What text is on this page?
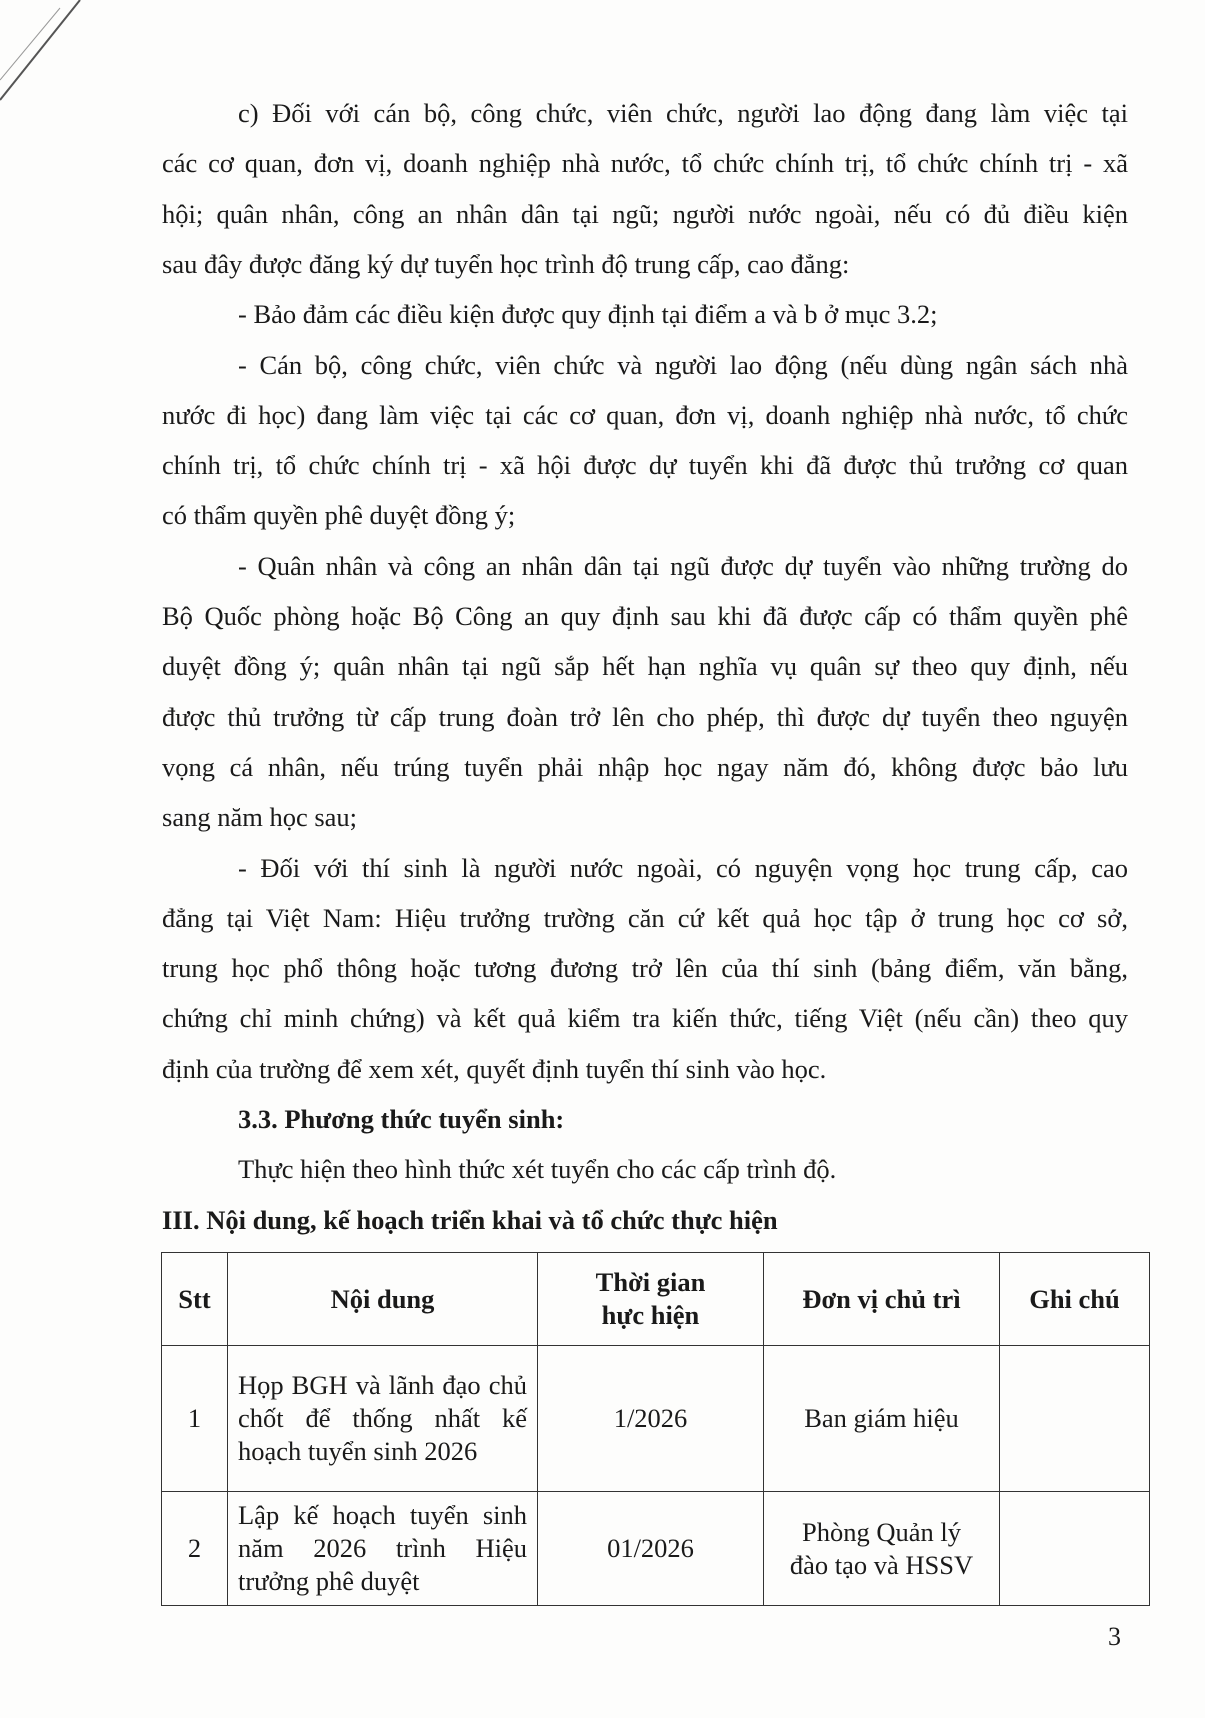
c) Đối với cán bộ, công chức, viên chức, người lao động đang làm việc tại
các cơ quan, đơn vị, doanh nghiệp nhà nước, tổ chức chính trị, tổ chức chính trị - xã
hội; quân nhân, công an nhân dân tại ngũ; người nước ngoài, nếu có đủ điều kiện
sau đây được đăng ký dự tuyển học trình độ trung cấp, cao đẳng:
- Bảo đảm các điều kiện được quy định tại điểm a và b ở mục 3.2;
- Cán bộ, công chức, viên chức và người lao động (nếu dùng ngân sách nhà
nước đi học) đang làm việc tại các cơ quan, đơn vị, doanh nghiệp nhà nước, tổ chức
chính trị, tổ chức chính trị - xã hội được dự tuyển khi đã được thủ trưởng cơ quan
có thẩm quyền phê duyệt đồng ý;
- Quân nhân và công an nhân dân tại ngũ được dự tuyển vào những trường do
Bộ Quốc phòng hoặc Bộ Công an quy định sau khi đã được cấp có thẩm quyền phê
duyệt đồng ý; quân nhân tại ngũ sắp hết hạn nghĩa vụ quân sự theo quy định, nếu
được thủ trưởng từ cấp trung đoàn trở lên cho phép, thì được dự tuyển theo nguyện
vọng cá nhân, nếu trúng tuyển phải nhập học ngay năm đó, không được bảo lưu
sang năm học sau;
- Đối với thí sinh là người nước ngoài, có nguyện vọng học trung cấp, cao
đẳng tại Việt Nam: Hiệu trưởng trường căn cứ kết quả học tập ở trung học cơ sở,
trung học phổ thông hoặc tương đương trở lên của thí sinh (bảng điểm, văn bằng,
chứng chỉ minh chứng) và kết quả kiểm tra kiến thức, tiếng Việt (nếu cần) theo quy
định của trường để xem xét, quyết định tuyển thí sinh vào học.
3.3. Phương thức tuyển sinh:
Thực hiện theo hình thức xét tuyển cho các cấp trình độ.
III. Nội dung, kế hoạch triển khai và tổ chức thực hiện
Stt	Nội dung	Thời gian hực hiện	Đơn vị chủ trì	Ghi chú
1	Họp BGH và lãnh đạo chủ chốt để thống nhất kế hoạch tuyển sinh 2026	1/2026	Ban giám hiệu	
2	Lập kế hoạch tuyển sinh năm 2026 trình Hiệu trưởng phê duyệt	01/2026	Phòng Quản lý đào tạo và HSSV	
3
